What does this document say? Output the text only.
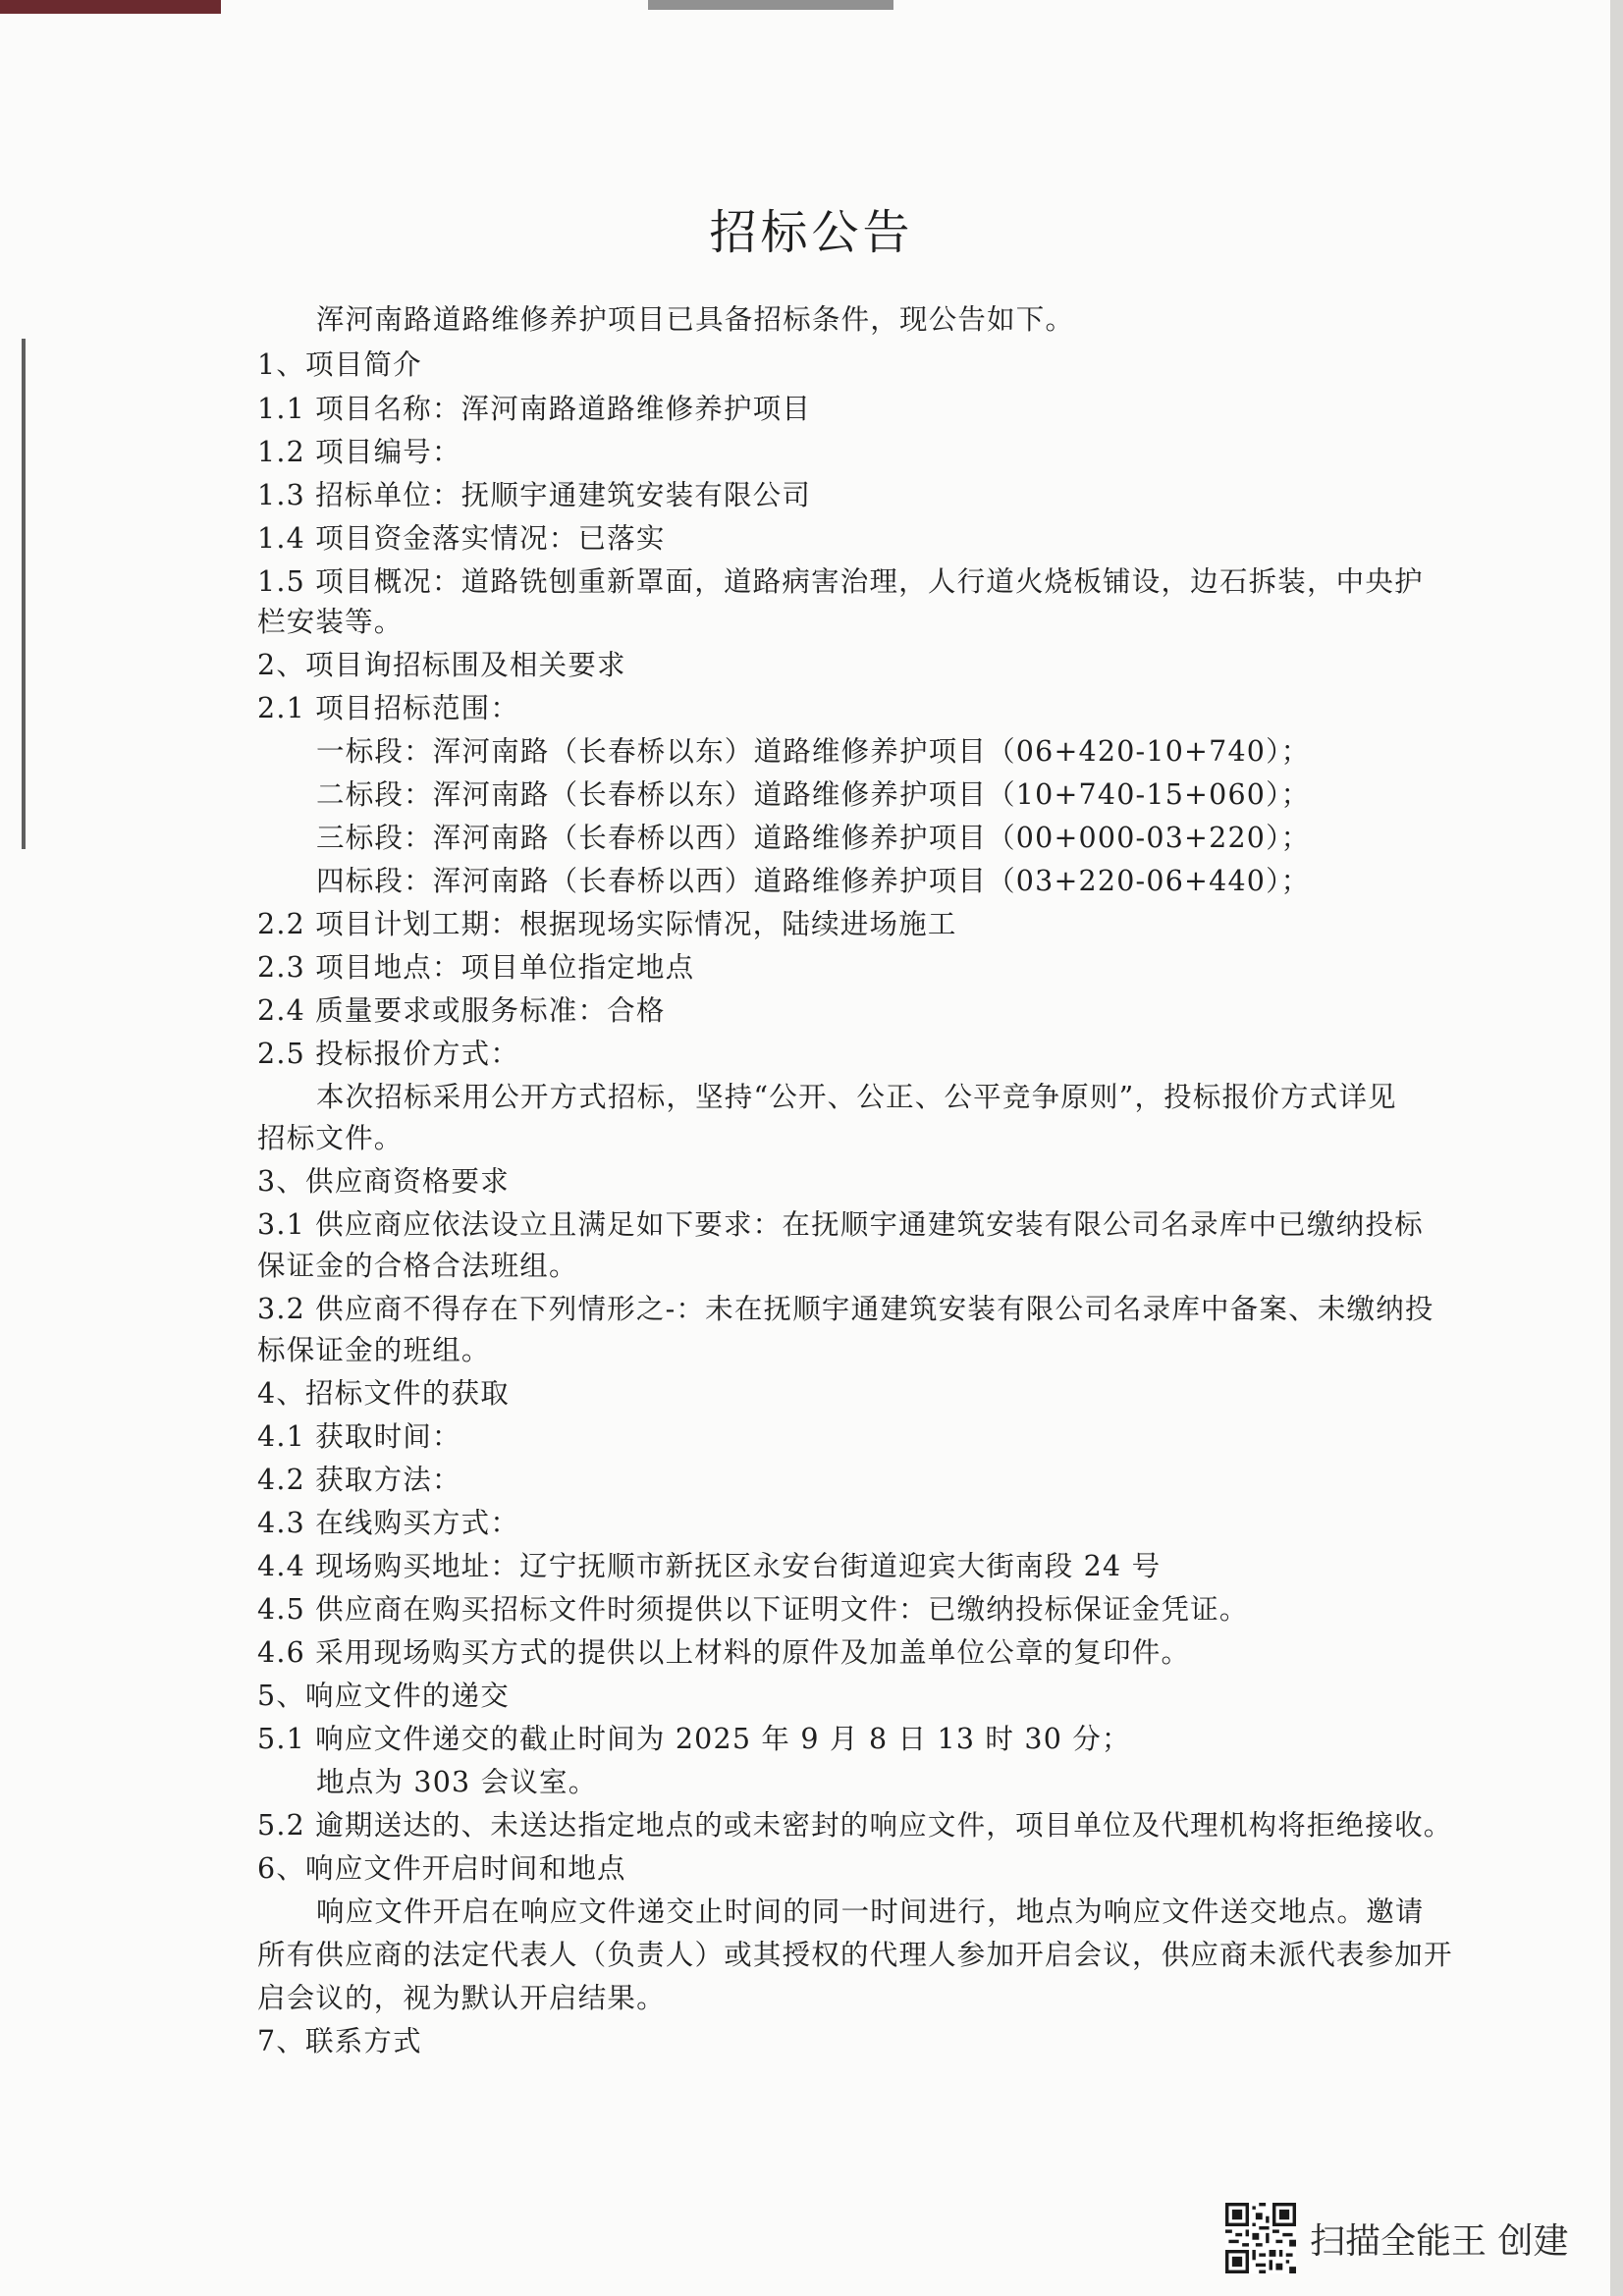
招标公告
浑河南路道路维修养护项目已具备招标条件，现公告如下。
1、项目简介
1.1 项目名称：浑河南路道路维修养护项目
1.2 项目编号：
1.3 招标单位：抚顺宇通建筑安装有限公司
1.4 项目资金落实情况：已落实
1.5 项目概况：道路铣刨重新罩面，道路病害治理，人行道火烧板铺设，边石拆装，中央护
栏安装等。
2、项目询招标围及相关要求
2.1 项目招标范围：
一标段：浑河南路（长春桥以东）道路维修养护项目（06+420-10+740）；
二标段：浑河南路（长春桥以东）道路维修养护项目（10+740-15+060）；
三标段：浑河南路（长春桥以西）道路维修养护项目（00+000-03+220）；
四标段：浑河南路（长春桥以西）道路维修养护项目（03+220-06+440）；
2.2 项目计划工期：根据现场实际情况，陆续进场施工
2.3 项目地点：项目单位指定地点
2.4 质量要求或服务标准：合格
2.5 投标报价方式：
本次招标采用公开方式招标，坚持“公开、公正、公平竞争原则”，投标报价方式详见
招标文件。
3、供应商资格要求
3.1 供应商应依法设立且满足如下要求：在抚顺宇通建筑安装有限公司名录库中已缴纳投标
保证金的合格合法班组。
3.2 供应商不得存在下列情形之-：未在抚顺宇通建筑安装有限公司名录库中备案、未缴纳投
标保证金的班组。
4、招标文件的获取
4.1 获取时间：
4.2 获取方法：
4.3 在线购买方式：
4.4 现场购买地址：辽宁抚顺市新抚区永安台街道迎宾大街南段 24 号
4.5 供应商在购买招标文件时须提供以下证明文件：已缴纳投标保证金凭证。
4.6 采用现场购买方式的提供以上材料的原件及加盖单位公章的复印件。
5、响应文件的递交
5.1 响应文件递交的截止时间为 2025 年 9 月 8 日 13 时 30 分；
地点为 303 会议室。
5.2 逾期送达的、未送达指定地点的或未密封的响应文件，项目单位及代理机构将拒绝接收。
6、响应文件开启时间和地点
响应文件开启在响应文件递交止时间的同一时间进行，地点为响应文件送交地点。邀请
所有供应商的法定代表人（负责人）或其授权的代理人参加开启会议，供应商未派代表参加开
启会议的，视为默认开启结果。
7、联系方式
扫描全能王 创建
